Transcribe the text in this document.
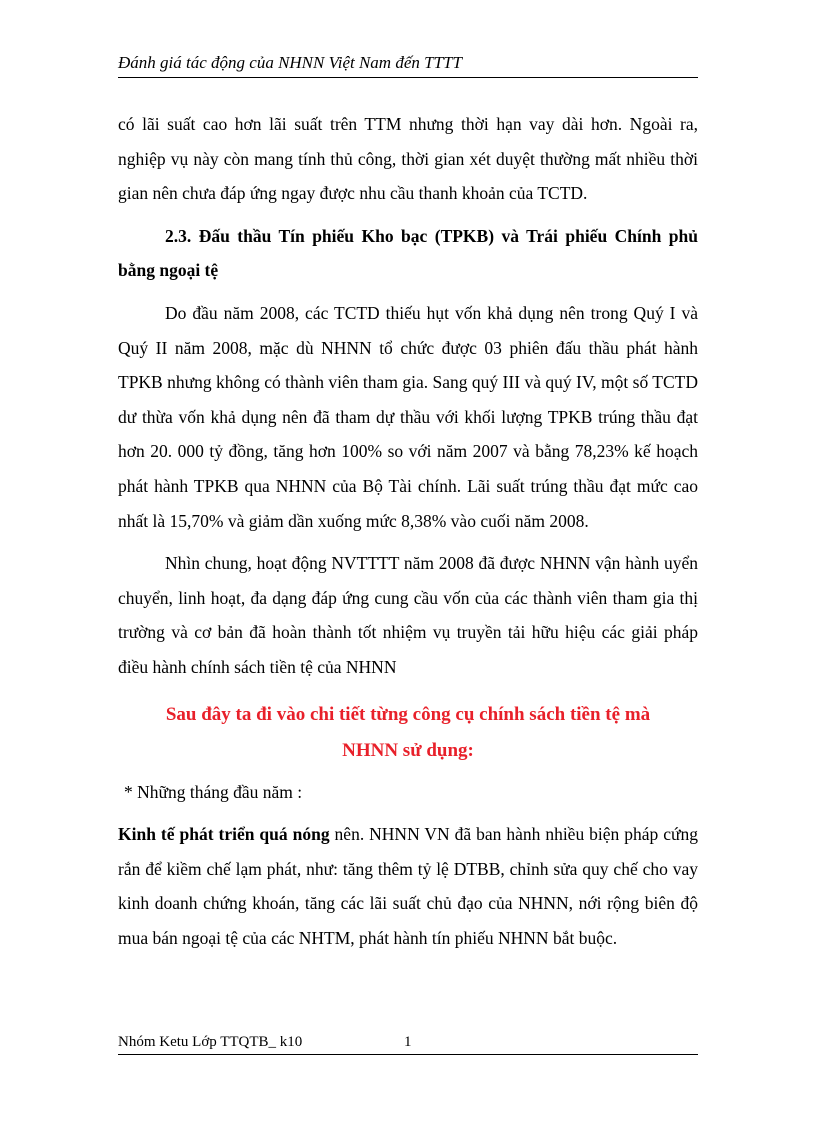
Đánh giá tác động của NHNN Việt Nam đến TTTT

có lãi suất cao hơn lãi suất trên TTM nhưng thời hạn vay dài hơn. Ngoài ra, nghiệp vụ này còn mang tính thủ công, thời gian xét duyệt thường mất nhiều thời gian nên chưa đáp ứng ngay được nhu cầu thanh khoản của TCTD.

2.3. Đấu thầu Tín phiếu Kho bạc (TPKB) và Trái phiếu Chính phủ bằng ngoại tệ

Do đầu năm 2008, các TCTD thiếu hụt vốn khả dụng nên trong Quý I và Quý II năm 2008, mặc dù NHNN tổ chức được 03 phiên đấu thầu phát hành TPKB nhưng không có thành viên tham gia. Sang quý III và quý IV, một số TCTD dư thừa vốn khả dụng nên đã tham dự thầu với khối lượng TPKB trúng thầu đạt hơn 20. 000 tỷ đồng, tăng hơn 100% so với năm 2007 và bằng 78,23% kế hoạch phát hành TPKB qua NHNN của Bộ Tài chính. Lãi suất trúng thầu đạt mức cao nhất là 15,70% và giảm dần xuống mức 8,38% vào cuối năm 2008.

Nhìn chung, hoạt động NVTTTT năm 2008 đã được NHNN vận hành uyển chuyển, linh hoạt, đa dạng đáp ứng cung cầu vốn của các thành viên tham gia thị trường và cơ bản đã hoàn thành tốt nhiệm vụ truyền tải hữu hiệu các giải pháp điều hành chính sách tiền tệ của NHNN

Sau đây ta đi vào chi tiết từng công cụ chính sách tiền tệ mà
NHNN sử dụng:

* Những tháng đầu năm :

Kinh tế phát triển quá nóng nên. NHNN VN đã ban hành nhiều biện pháp cứng rắn để kiềm chế lạm phát, như: tăng thêm tỷ lệ DTBB, chỉnh sửa quy chế cho vay kinh doanh chứng khoán, tăng các lãi suất chủ đạo của NHNN, nới rộng biên độ mua bán ngoại tệ của các NHTM, phát hành tín phiếu NHNN bắt buộc.

Nhóm Ketu Lớp TTQTB_ k10	1
